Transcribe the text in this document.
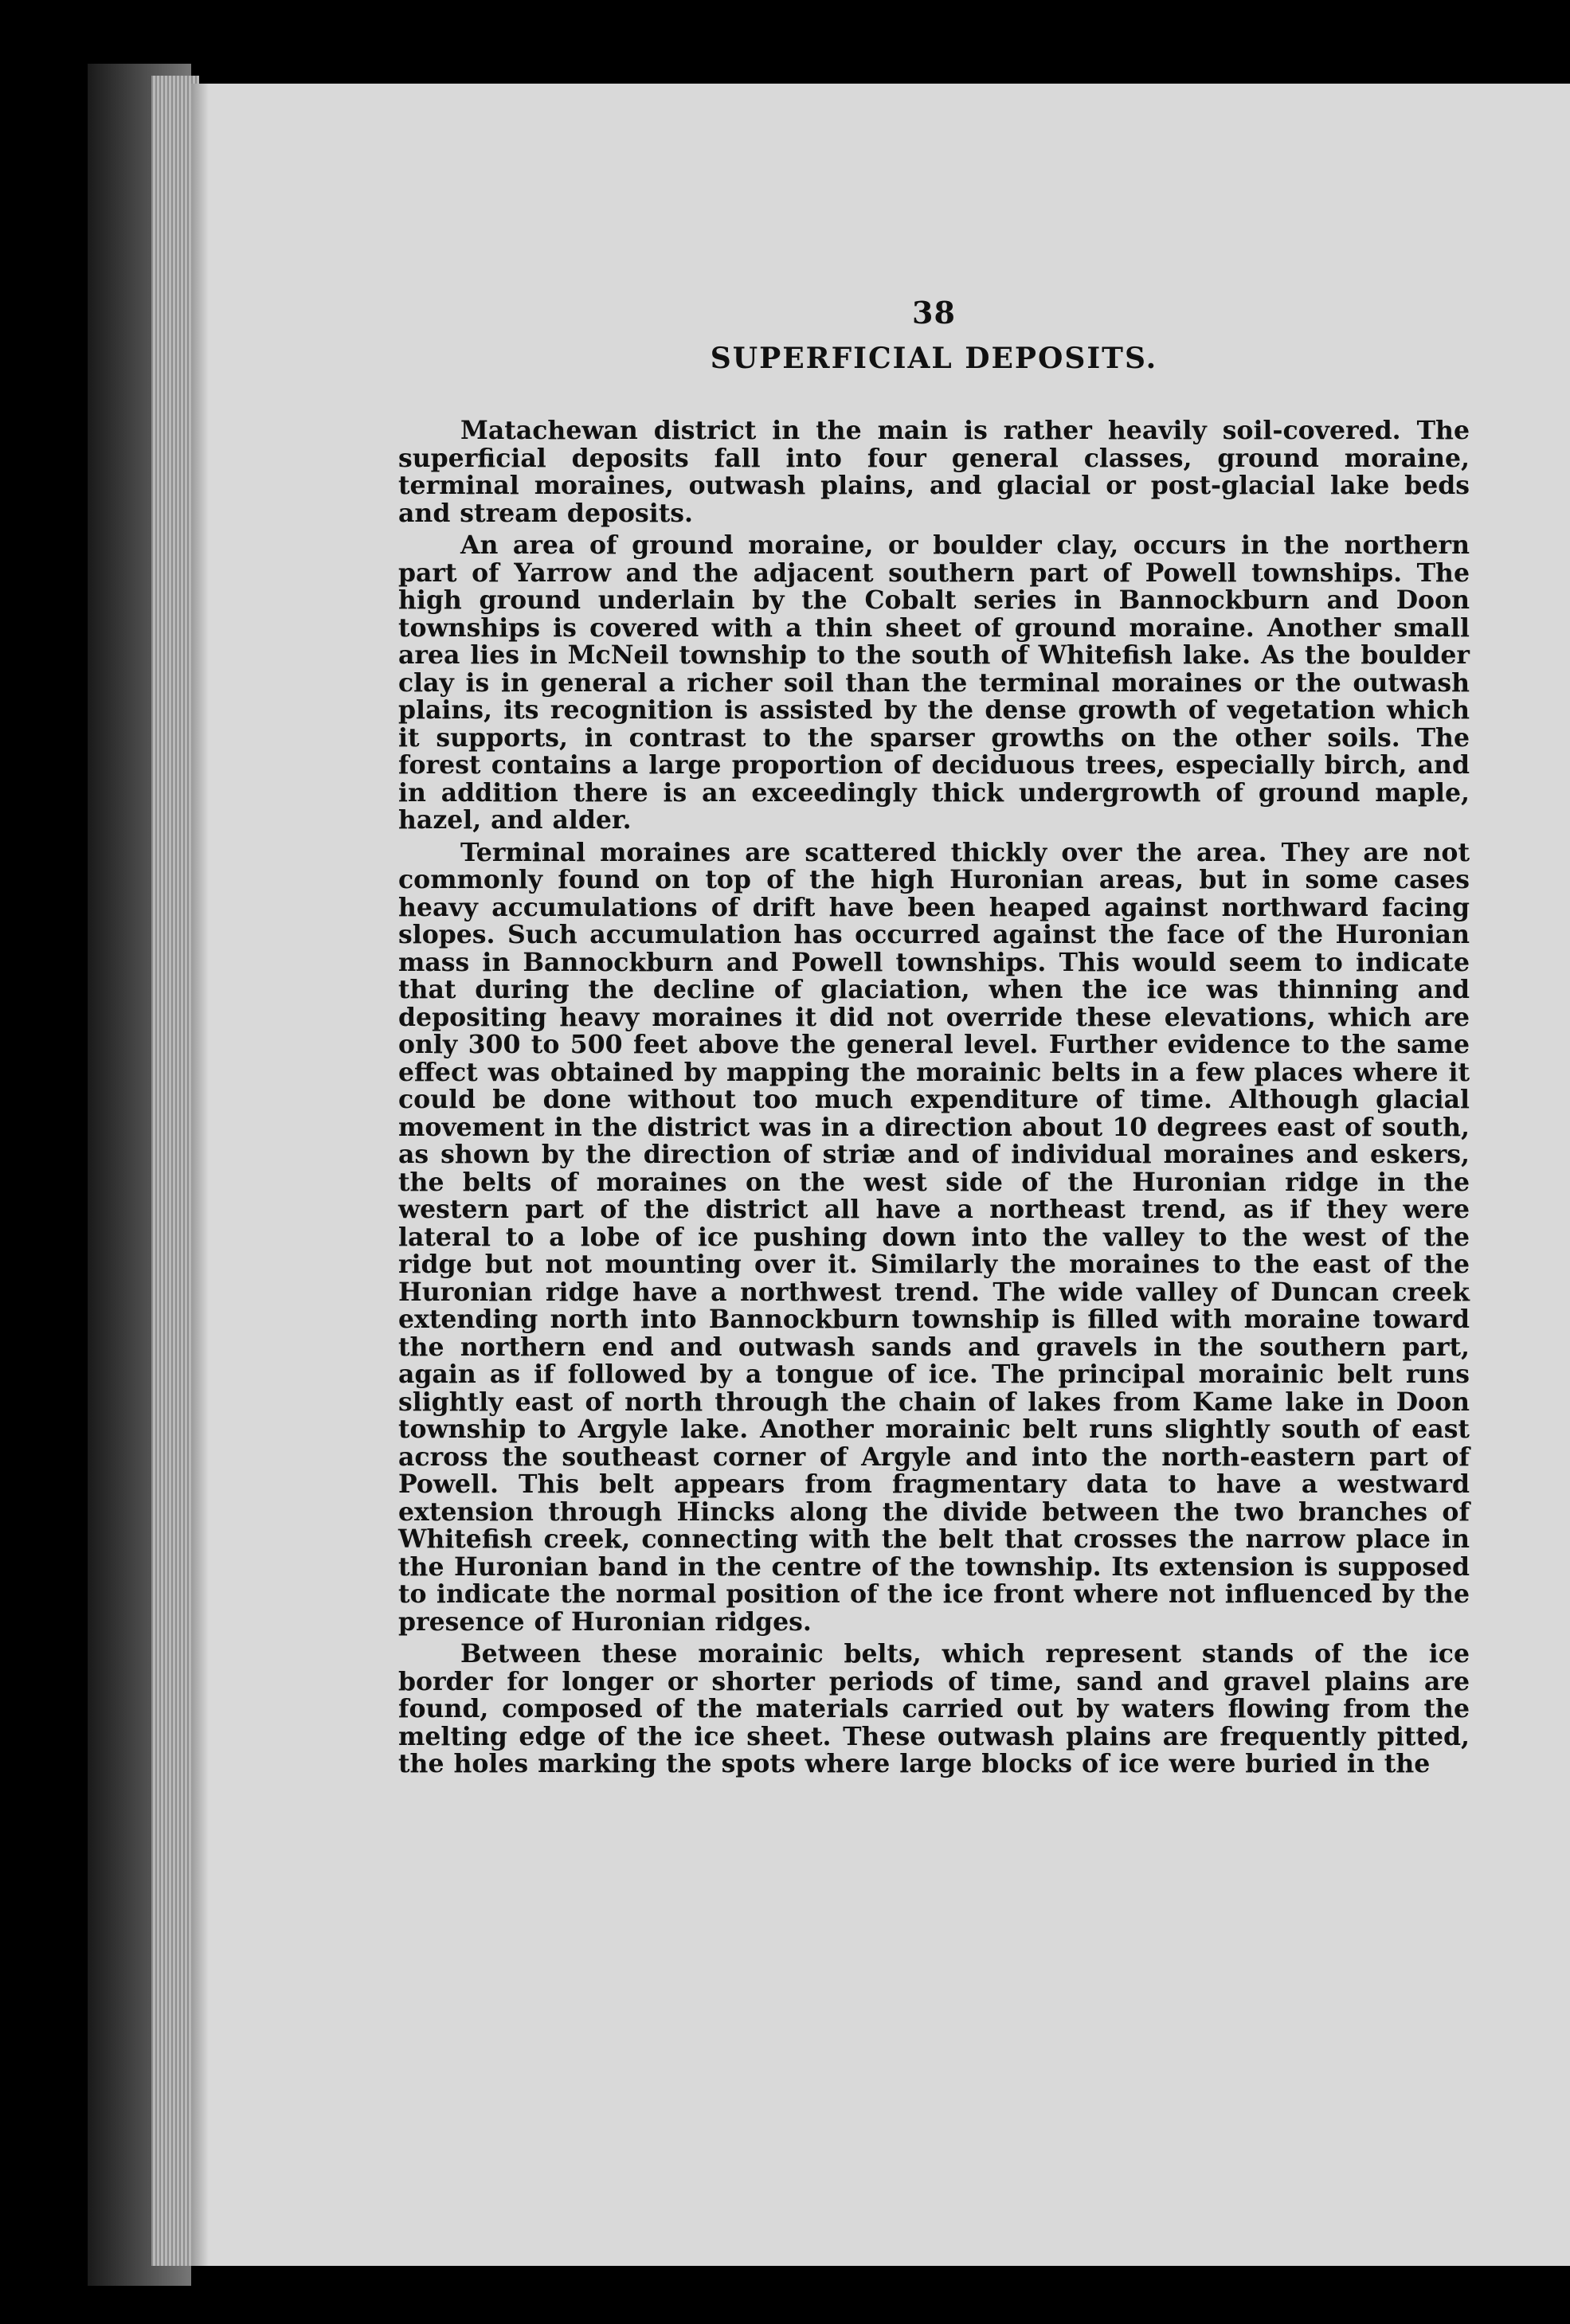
38
SUPERFICIAL DEPOSITS.

Matachewan district in the main is rather heavily soil-covered. The superficial deposits fall into four general classes, ground moraine, terminal moraines, outwash plains, and glacial or post-glacial lake beds and stream deposits.

An area of ground moraine, or boulder clay, occurs in the northern part of Yarrow and the adjacent southern part of Powell townships. The high ground underlain by the Cobalt series in Bannockburn and Doon townships is covered with a thin sheet of ground moraine. Another small area lies in McNeil township to the south of Whitefish lake. As the boulder clay is in general a richer soil than the terminal moraines or the outwash plains, its recognition is assisted by the dense growth of vegetation which it supports, in contrast to the sparser growths on the other soils. The forest contains a large proportion of deciduous trees, especially birch, and in addition there is an exceedingly thick undergrowth of ground maple, hazel, and alder.

Terminal moraines are scattered thickly over the area. They are not commonly found on top of the high Huronian areas, but in some cases heavy accumulations of drift have been heaped against northward facing slopes. Such accumulation has occurred against the face of the Huronian mass in Bannockburn and Powell townships. This would seem to indicate that during the decline of glaciation, when the ice was thinning and depositing heavy moraines it did not override these elevations, which are only 300 to 500 feet above the general level. Further evidence to the same effect was obtained by mapping the morainic belts in a few places where it could be done without too much expenditure of time. Although glacial movement in the district was in a direction about 10 degrees east of south, as shown by the direction of striæ and of individual moraines and eskers, the belts of moraines on the west side of the Huronian ridge in the western part of the district all have a northeast trend, as if they were lateral to a lobe of ice pushing down into the valley to the west of the ridge but not mounting over it. Similarly the moraines to the east of the Huronian ridge have a northwest trend. The wide valley of Duncan creek extending north into Bannockburn township is filled with moraine toward the northern end and outwash sands and gravels in the southern part, again as if followed by a tongue of ice. The principal morainic belt runs slightly east of north through the chain of lakes from Kame lake in Doon township to Argyle lake. Another morainic belt runs slightly south of east across the southeast corner of Argyle and into the north-eastern part of Powell. This belt appears from fragmentary data to have a westward extension through Hincks along the divide between the two branches of Whitefish creek, connecting with the belt that crosses the narrow place in the Huronian band in the centre of the township. Its extension is supposed to indicate the normal position of the ice front where not influenced by the presence of Huronian ridges.

Between these morainic belts, which represent stands of the ice border for longer or shorter periods of time, sand and gravel plains are found, composed of the materials carried out by waters flowing from the melting edge of the ice sheet. These outwash plains are frequently pitted, the holes marking the spots where large blocks of ice were buried in the
